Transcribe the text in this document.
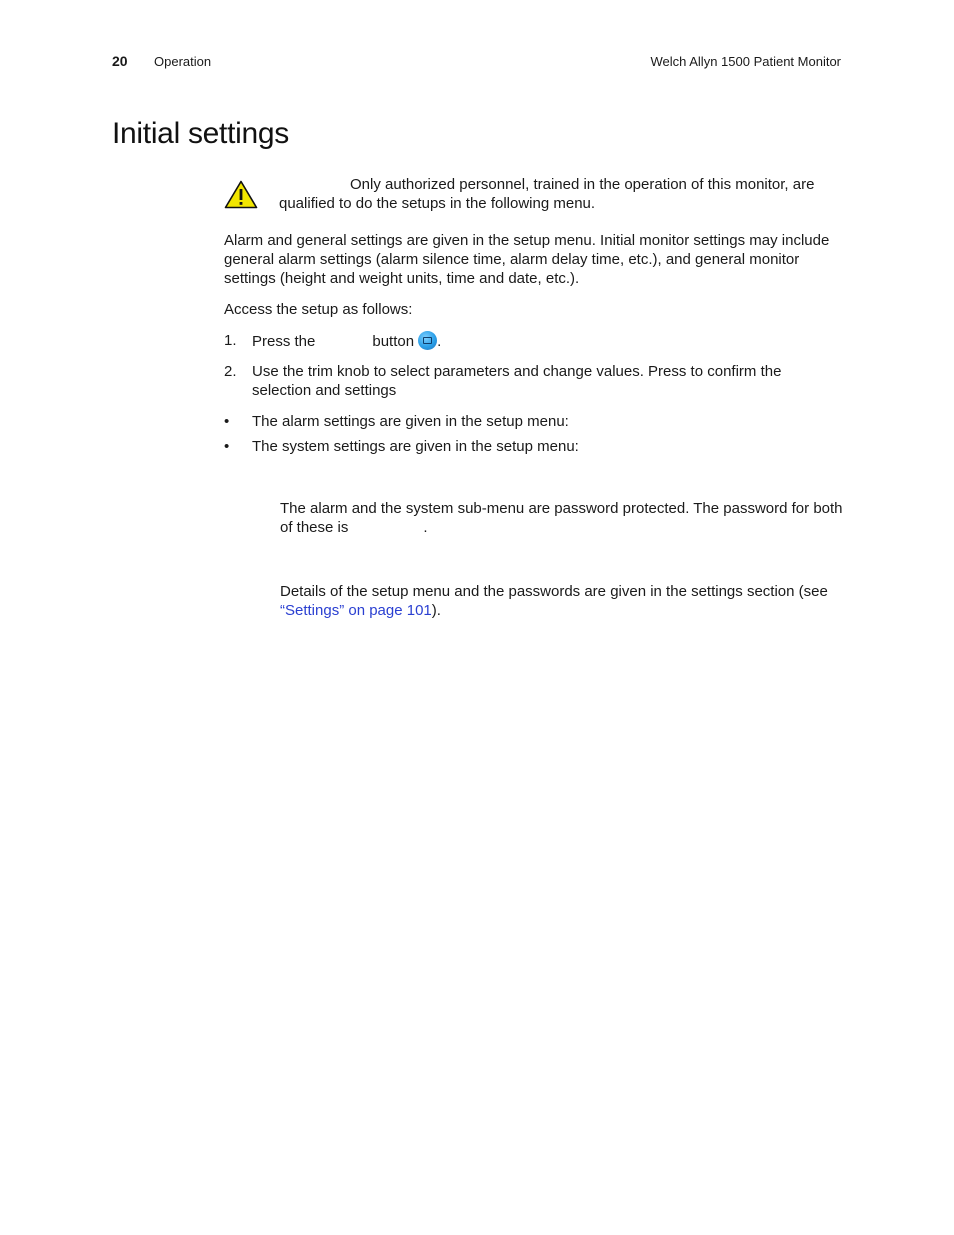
20 Operation	Welch Allyn 1500 Patient Monitor
Initial settings
Only authorized personnel, trained in the operation of this monitor, are qualified to do the setups in the following menu.

Alarm and general settings are given in the setup menu. Initial monitor settings may include general alarm settings (alarm silence time, alarm delay time, etc.), and general monitor settings (height and weight units, time and date, etc.).

Access the setup as follows:

1. Press the	button .
2. Use the trim knob to select parameters and change values. Press to confirm the selection and settings
• The alarm settings are given in the setup menu:
• The system settings are given in the setup menu:
The alarm and the system sub-menu are password protected. The password for both of these is	.
Details of the setup menu and the passwords are given in the settings section (see “Settings” on page 101).
